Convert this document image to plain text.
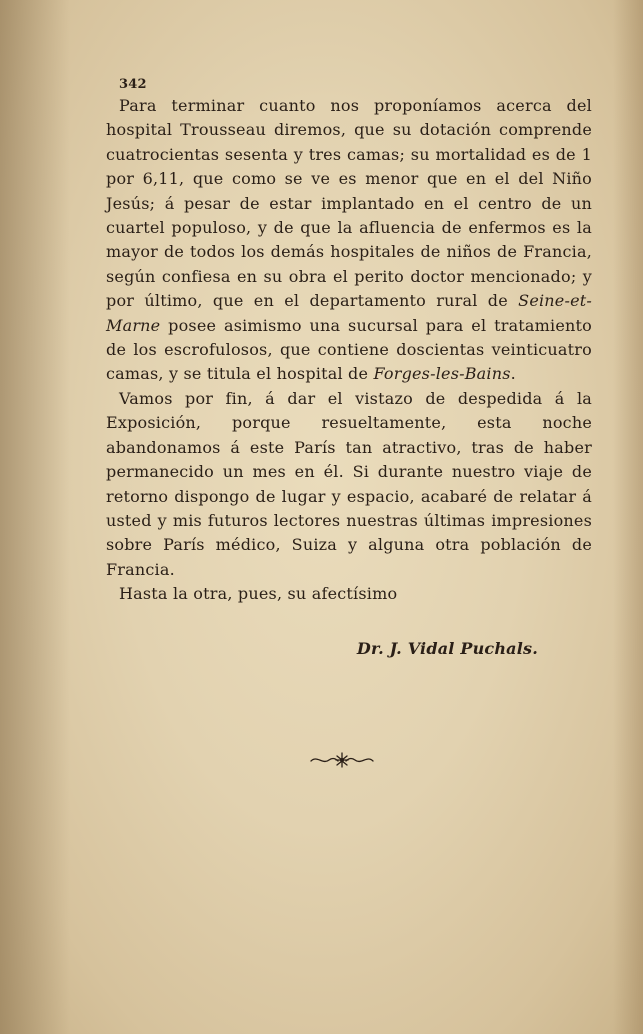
342

Para terminar cuanto nos proponíamos acerca del hospital Trousseau diremos, que su dotación comprende cuatrocientas sesenta y tres camas; su mortalidad es de 1 por 6,11, que como se ve es menor que en el del Niño Jesús; á pesar de estar implantado en el centro de un cuartel populoso, y de que la afluencia de enfermos es la mayor de todos los demás hospitales de niños de Francia, según confiesa en su obra el perito doctor mencionado; y por último, que en el departamento rural de Seine-et-Marne posee asimismo una sucursal para el tratamiento de los escrofulosos, que contiene doscientas veinticuatro camas, y se titula el hospital de Forges-les-Bains.

Vamos por fin, á dar el vistazo de despedida á la Exposición, porque resueltamente, esta noche abandonamos á este París tan atractivo, tras de haber permanecido un mes en él. Si durante nuestro viaje de retorno dispongo de lugar y espacio, acabaré de relatar á usted y mis futuros lectores nuestras últimas impresiones sobre París médico, Suiza y alguna otra población de Francia.

Hasta la otra, pues, su afectísimo

Dr. J. Vidal Puchals.
